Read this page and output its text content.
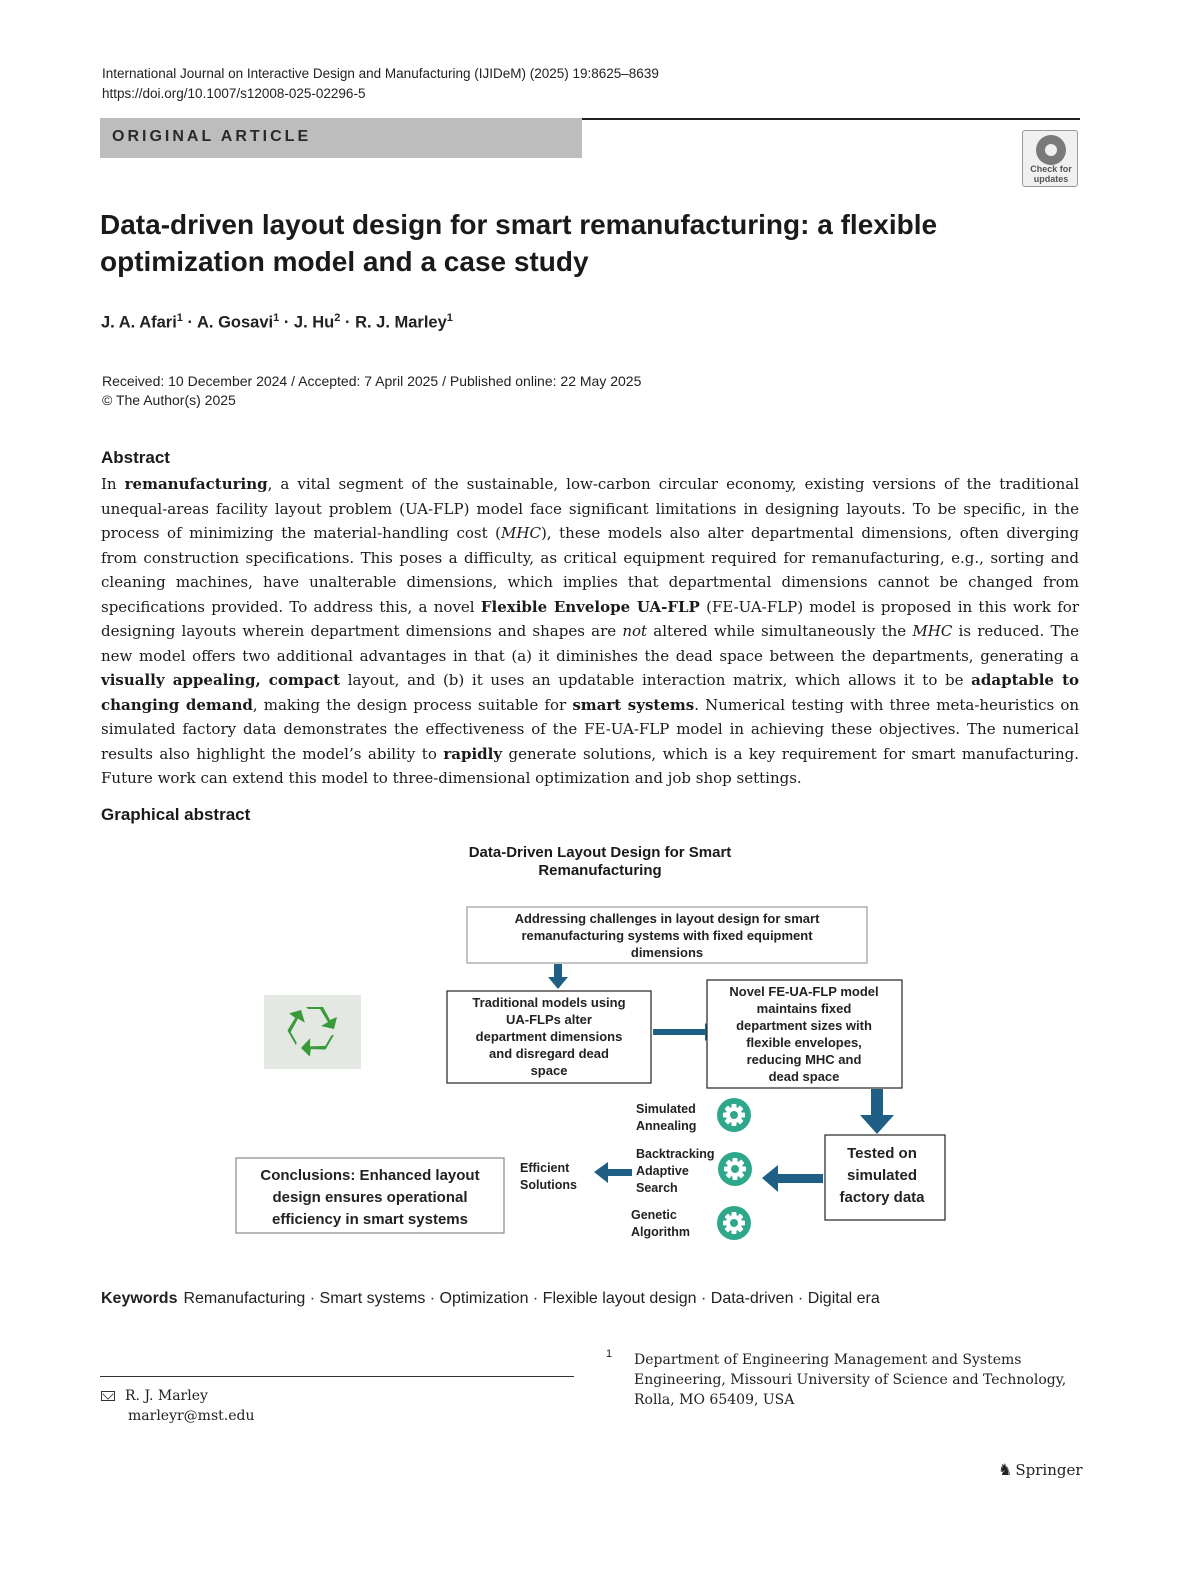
International Journal on Interactive Design and Manufacturing (IJIDeM) (2025) 19:8625–8639
https://doi.org/10.1007/s12008-025-02296-5
ORIGINAL ARTICLE
Check for updates
Data-driven layout design for smart remanufacturing: a flexible
optimization model and a case study
J. A. Afari$^1$ · A. Gosavi$^1$ · J. $Hu^2 \cdot R$. J. Marley$^1$
Received: 10 December 2024 / Accepted: 7 April 2025 / Published online: 22 May 2025
© The Author(s) 2025
Abstract
In remanufacturing, a vital segment of the sustainable, low-carbon circular economy, existing versions of the traditional unequal-areas facility layout problem (UA-FLP) model face significant limitations in designing layouts. To be specific, in the process of minimizing the material-handling cost (MHC), these models also alter departmental dimensions, often diverging from construction specifications. This poses a difficulty, as critical equipment required for remanufacturing, e.g., sorting and cleaning machines, have unalterable dimensions, which implies that departmental dimensions cannot be changed from specifications provided. To address this, a novel Flexible Envelope UA-FLP (FE-UA-FLP) model is proposed in this work for designing layouts wherein department dimensions and shapes are not altered while simultaneously the MHC is reduced. The new model offers two additional advantages in that (a) it diminishes the dead space between the departments, generating a visually appealing, compact layout, and (b) it uses an updatable interaction matrix, which allows it to be adaptable to changing demand, making the design process suitable for smart systems. Numerical testing with three meta-heuristics on simulated factory data demonstrates the effectiveness of the FE-UA-FLP model in achieving these objectives. The numerical results also highlight the model’s ability to rapidly generate solutions, which is a key requirement for smart manufacturing. Future work can extend this model to three-dimensional optimization and job shop settings.
Graphical abstract
Data-Driven Layout Design for Smart
Remanufacturing
Addressing challenges in layout design for smart
remanufacturing systems with fixed equipment
dimensions
Traditional models using
UA-FLPs alter
department dimensions
and disregard dead
space
Novel FE-UA-FLP model
maintains fixed
department sizes with
flexible envelopes,
reducing MHC and
dead space
Tested on
simulated
factory data
Simulated
Annealing
Backtracking
Adaptive
Search
Genetic
Algorithm
Efficient
Solutions
Conclusions: Enhanced layout
design ensures operational
efficiency in smart systems
Keywords Remanufacturing · Smart systems · Optimization · Flexible layout design · Data-driven · Digital era
R. J. Marley
marleyr@mst.edu
1 Department of Engineering Management and Systems
Engineering, Missouri University of Science and Technology,
Rolla, MO 65409, USA
♞ Springer
